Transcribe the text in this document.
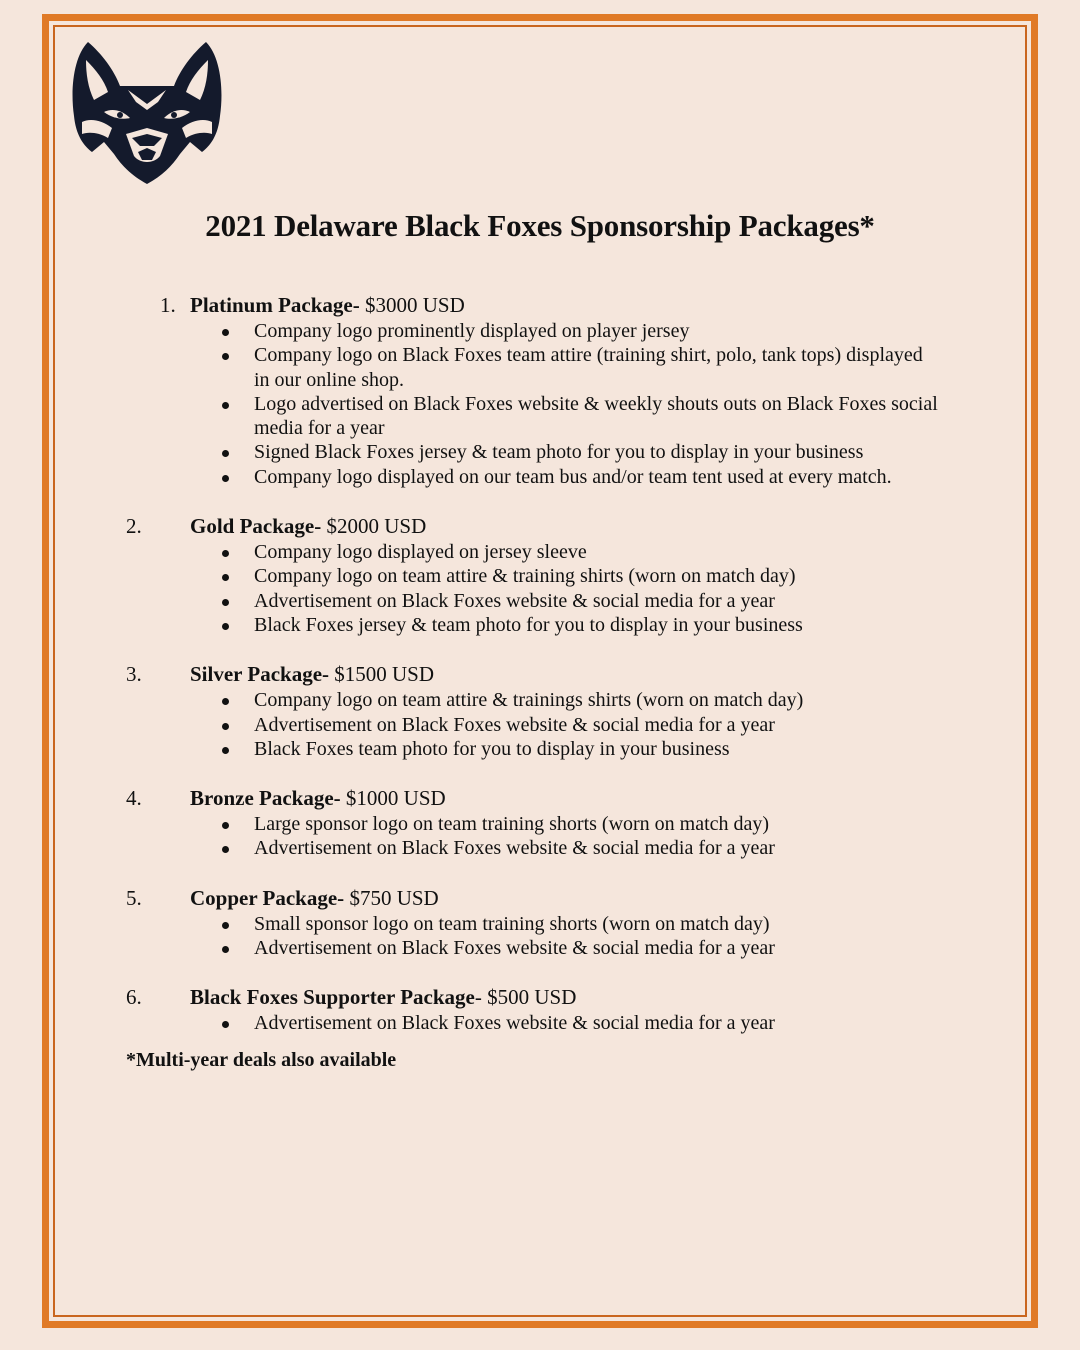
2021 Delaware Black Foxes Sponsorship Packages*
1. Platinum Package- $3000 USD
Company logo prominently displayed on player jersey
Company logo on Black Foxes team attire (training shirt, polo, tank tops) displayed in our online shop.
Logo advertised on Black Foxes website & weekly shouts outs on Black Foxes social media for a year
Signed Black Foxes jersey & team photo for you to display in your business
Company logo displayed on our team bus and/or team tent used at every match.
2. Gold Package- $2000 USD
Company logo displayed on jersey sleeve
Company logo on team attire & training shirts (worn on match day)
Advertisement on Black Foxes website & social media for a year
Black Foxes jersey & team photo for you to display in your business
3. Silver Package- $1500 USD
Company logo on team attire & trainings shirts (worn on match day)
Advertisement on Black Foxes website & social media for a year
Black Foxes team photo for you to display in your business
4. Bronze Package- $1000 USD
Large sponsor logo on team training shorts (worn on match day)
Advertisement on Black Foxes website & social media for a year
5. Copper Package- $750 USD
Small sponsor logo on team training shorts (worn on match day)
Advertisement on Black Foxes website & social media for a year
6. Black Foxes Supporter Package- $500 USD
Advertisement on Black Foxes website & social media for a year
*Multi-year deals also available
